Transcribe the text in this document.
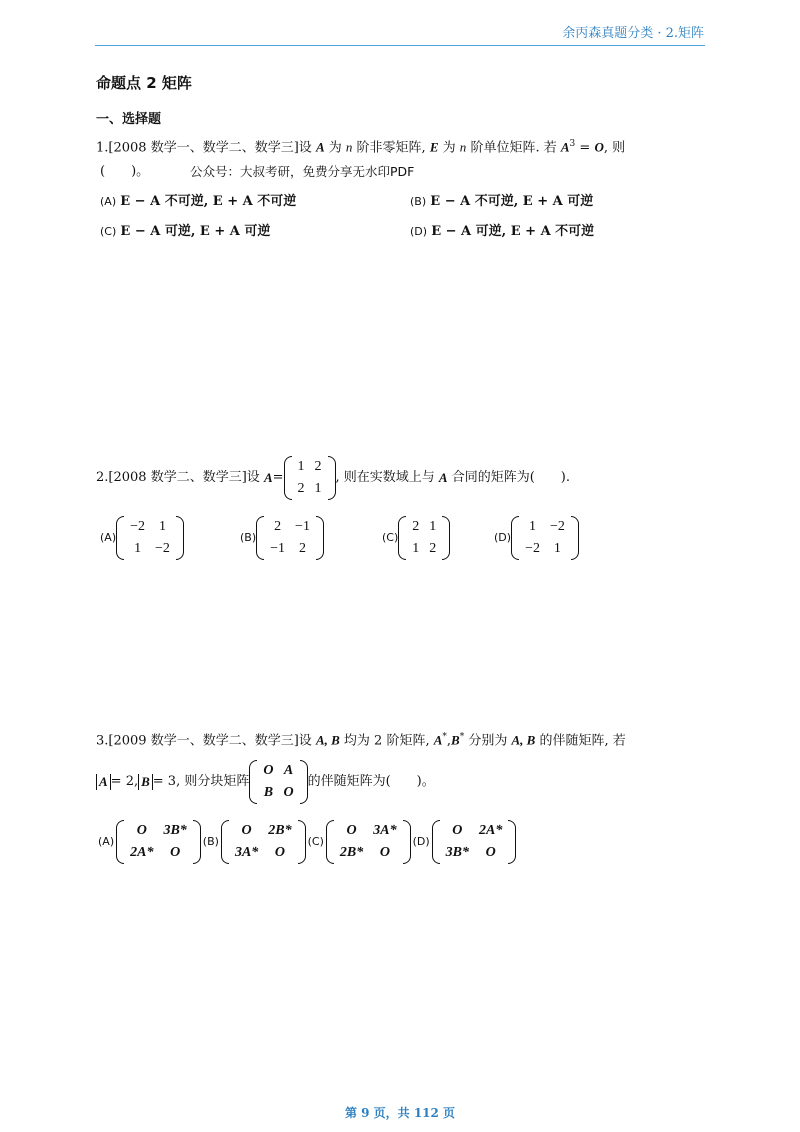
余丙森真题分类 · 2.矩阵
命题点 2 矩阵
一、选择题
1.[2008 数学一、数学二、数学三]设 A 为 n 阶非零矩阵, E 为 n 阶单位矩阵. 若 $A^3 = O$, 则
(　　)。	公众号：大叔考研，免费分享无水印PDF
(A) E − A 不可逆, E + A 不可逆	(B) E − A 不可逆, E + A 可逆
(C) E − A 可逆, E + A 可逆	(D) E − A 可逆, E + A 不可逆
2. [2008 数学二、数学三] 设
A =
1	2
2	1
, 则在实数域上与
A
合同的矩阵为(　　).
(A)
−2	1
1	−2
(B)
2	−1
−1	2
(C)
2	1
1	2
(D)
1	−2
−2	1
3.[2009 数学一、数学二、数学三]设 A, B 均为 2 阶矩阵, A*,B* 分别为 A, B 的伴随矩阵, 若
A = 2, B = 3 , 则分块矩阵
O	A
B	O
的伴随矩阵为(　　)。
(A)
O	3B*
2A*	O
(B)
O	2B*
3A*	O
(C)
O	3A*
2B*	O
(D)
O	2A*
3B*	O
第 9 页，共 112 页
